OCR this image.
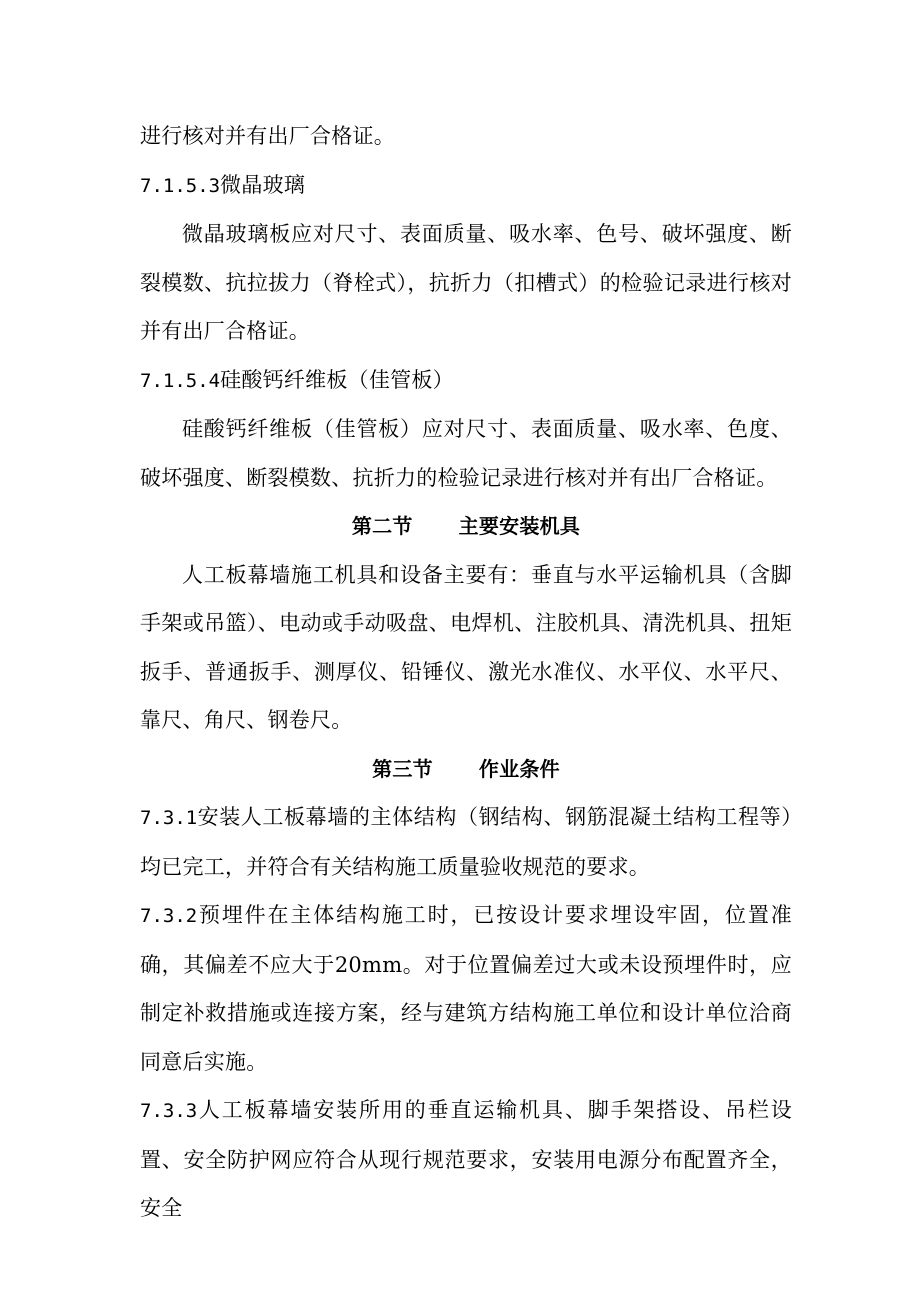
进行核对并有出厂合格证。

7.1.5.3微晶玻璃

微晶玻璃板应对尺寸、表面质量、吸水率、色号、破坏强度、断裂模数、抗拉拔力（脊栓式），抗折力（扣槽式）的检验记录进行核对并有出厂合格证。

7.1.5.4硅酸钙纤维板（佳管板）

硅酸钙纤维板（佳管板）应对尺寸、表面质量、吸水率、色度、破坏强度、断裂模数、抗折力的检验记录进行核对并有出厂合格证。

第二节 主要安装机具

人工板幕墙施工机具和设备主要有：垂直与水平运输机具（含脚手架或吊篮）、电动或手动吸盘、电焊机、注胶机具、清洗机具、扭矩扳手、普通扳手、测厚仪、铅锤仪、激光水准仪、水平仪、水平尺、靠尺、角尺、钢卷尺。

第三节 作业条件

7.3.1安装人工板幕墙的主体结构（钢结构、钢筋混凝土结构工程等）均已完工，并符合有关结构施工质量验收规范的要求。

7.3.2预埋件在主体结构施工时，已按设计要求埋设牢固，位置准确，其偏差不应大于20mm。对于位置偏差过大或未设预埋件时，应制定补救措施或连接方案，经与建筑方结构施工单位和设计单位洽商同意后实施。

7.3.3人工板幕墙安装所用的垂直运输机具、脚手架搭设、吊栏设置、安全防护网应符合从现行规范要求，安装用电源分布配置齐全，安全
